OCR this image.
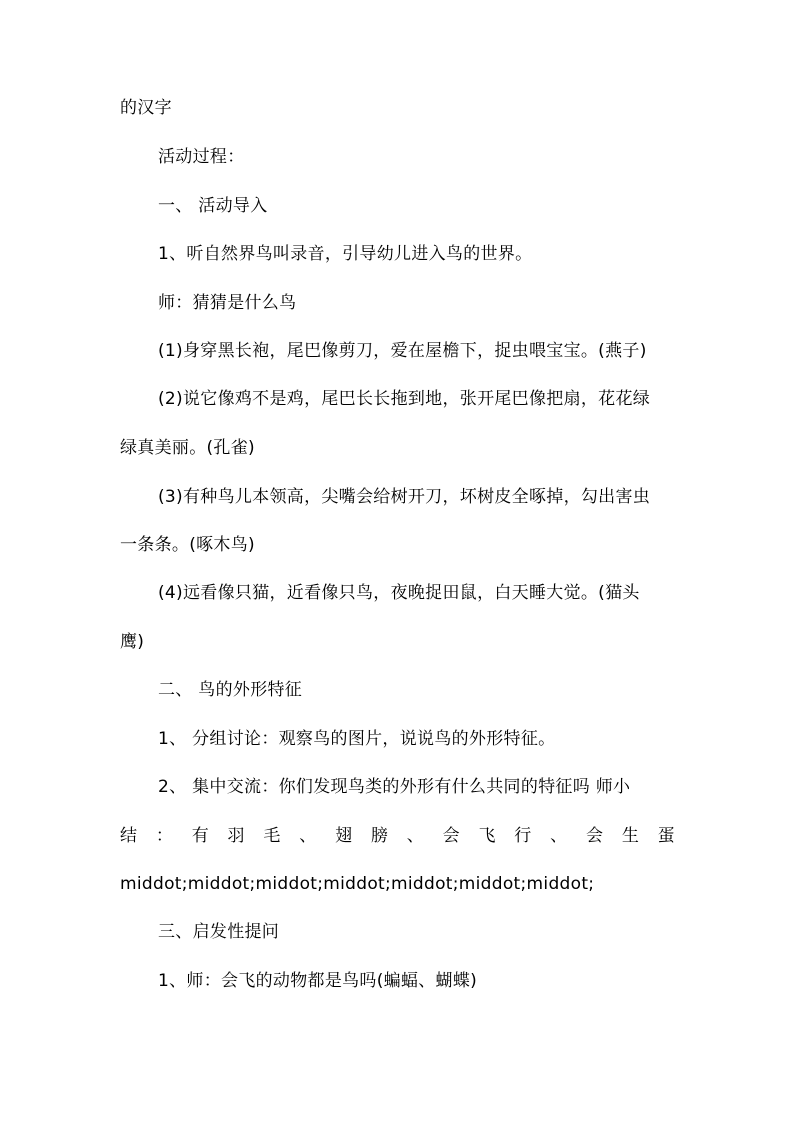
的汉字
活动过程：
一、 活动导入
1、听自然界鸟叫录音，引导幼儿进入鸟的世界。
师：猜猜是什么鸟
(1)身穿黑长袍，尾巴像剪刀，爱在屋檐下，捉虫喂宝宝。(燕子)
(2)说它像鸡不是鸡，尾巴长长拖到地，张开尾巴像把扇，花花绿
绿真美丽。(孔雀)
(3)有种鸟儿本领高，尖嘴会给树开刀，坏树皮全啄掉，勾出害虫
一条条。(啄木鸟)
(4)远看像只猫，近看像只鸟，夜晚捉田鼠，白天睡大觉。(猫头
鹰)
二、 鸟的外形特征
1、 分组讨论：观察鸟的图片，说说鸟的外形特征。
2、 集中交流：你们发现鸟类的外形有什么共同的特征吗 师小
结 ： 有 羽 毛 、 翅 膀 、 会 飞 行 、 会 生 蛋
middot;middot;middot;middot;middot;middot;middot;
三、启发性提问
1、师：会飞的动物都是鸟吗(蝙蝠、蝴蝶)
